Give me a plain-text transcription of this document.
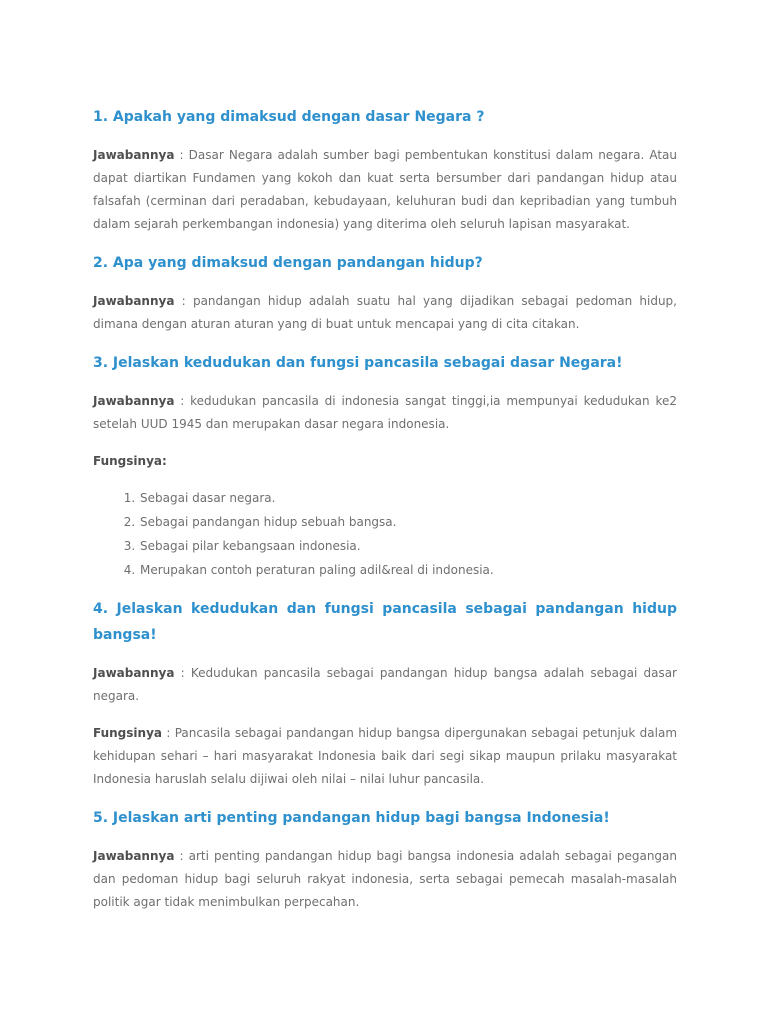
1. Apakah yang dimaksud dengan dasar Negara ?

Jawabannya : Dasar Negara adalah sumber bagi pembentukan konstitusi dalam negara. Atau dapat diartikan Fundamen yang kokoh dan kuat serta bersumber dari pandangan hidup atau falsafah (cerminan dari peradaban, kebudayaan, keluhuran budi dan kepribadian yang tumbuh dalam sejarah perkembangan indonesia) yang diterima oleh seluruh lapisan masyarakat.

2. Apa yang dimaksud dengan pandangan hidup?

Jawabannya : pandangan hidup adalah suatu hal yang dijadikan sebagai pedoman hidup, dimana dengan aturan aturan yang di buat untuk mencapai yang di cita citakan.

3. Jelaskan kedudukan dan fungsi pancasila sebagai dasar Negara!

Jawabannya : kedudukan pancasila di indonesia sangat tinggi,ia mempunyai kedudukan ke2 setelah UUD 1945 dan merupakan dasar negara indonesia.

Fungsinya:

1. Sebagai dasar negara.
2. Sebagai pandangan hidup sebuah bangsa.
3. Sebagai pilar kebangsaan indonesia.
4. Merupakan contoh peraturan paling adil&real di indonesia.
4. Jelaskan kedudukan dan fungsi pancasila sebagai pandangan hidup bangsa!

Jawabannya : Kedudukan pancasila sebagai pandangan hidup bangsa adalah sebagai dasar negara.

Fungsinya : Pancasila sebagai pandangan hidup bangsa dipergunakan sebagai petunjuk dalam kehidupan sehari – hari masyarakat Indonesia baik dari segi sikap maupun prilaku masyarakat Indonesia haruslah selalu dijiwai oleh nilai – nilai luhur pancasila.

5. Jelaskan arti penting pandangan hidup bagi bangsa Indonesia!

Jawabannya : arti penting pandangan hidup bagi bangsa indonesia adalah sebagai pegangan dan pedoman hidup bagi seluruh rakyat indonesia, serta sebagai pemecah masalah-masalah politik agar tidak menimbulkan perpecahan.
